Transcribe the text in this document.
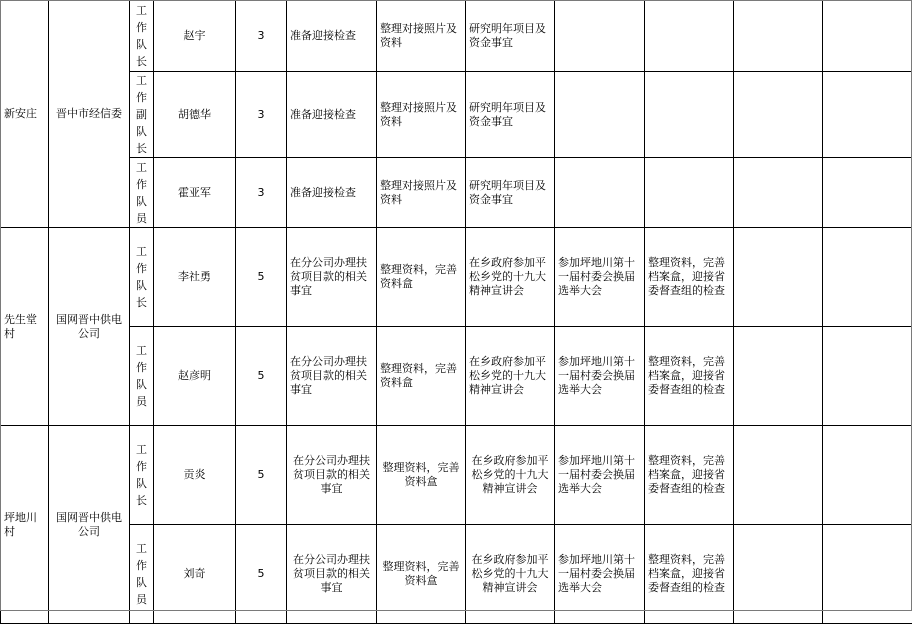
新安庄	晋中市经信委	工作队长	赵宇	3	准备迎接检查	整理对接照片及资料	研究明年项目及资金事宜					
		工作副队长	胡德华	3	准备迎接检查	整理对接照片及资料	研究明年项目及资金事宜					
		工作队员	霍亚军	3	准备迎接检查	整理对接照片及资料	研究明年项目及资金事宜					
先生堂村	国网晋中供电公司	工作队长	李社勇	5	在分公司办理扶贫项目款的相关事宜	整理资料，完善资料盒	在乡政府参加平松乡党的十九大精神宣讲会	参加坪地川第十一届村委会换届选举大会	整理资料，完善档案盒，迎接省委督查组的检查			
		工作队员	赵彦明	5	在分公司办理扶贫项目款的相关事宜	整理资料，完善资料盒	在乡政府参加平松乡党的十九大精神宣讲会	参加坪地川第十一届村委会换届选举大会	整理资料，完善档案盒，迎接省委督查组的检查			
坪地川村	国网晋中供电公司	工作队长	贡炎	5	在分公司办理扶贫项目款的相关事宜	整理资料，完善资料盒	在乡政府参加平松乡党的十九大精神宣讲会	参加坪地川第十一届村委会换届选举大会	整理资料，完善档案盒，迎接省委督查组的检查			
		工作队员	刘奇	5	在分公司办理扶贫项目款的相关事宜	整理资料，完善资料盒	在乡政府参加平松乡党的十九大精神宣讲会	参加坪地川第十一届村委会换届选举大会	整理资料，完善档案盒，迎接省委督查组的检查			
